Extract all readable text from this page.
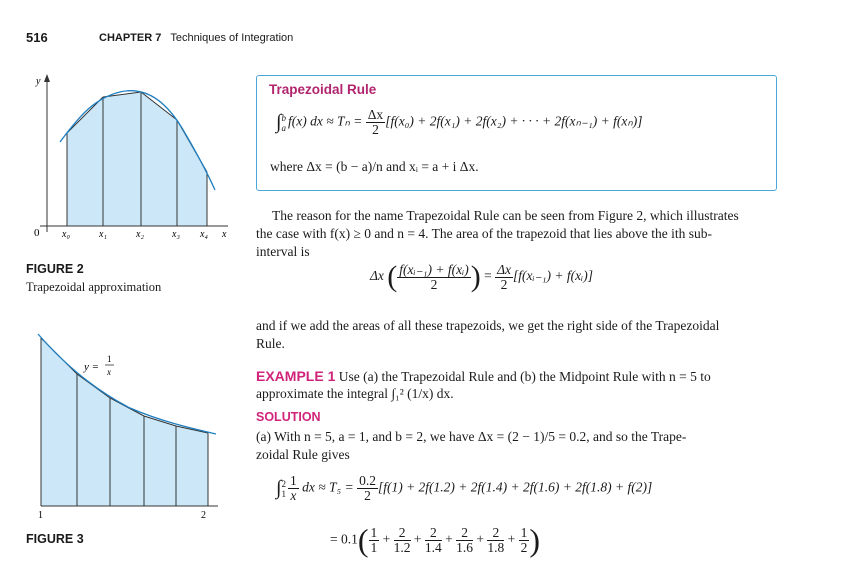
516	CHAPTER 7 Techniques of Integration
y
0 x₀	x₁	x₂	x₃ x₄ x
FIGURE 2
Trapezoidal approximation
y =
1
x
1	2
FIGURE 3
Trapezoidal Rule
∫ b
a f(x) dx ≈ $T_n = \frac{\Delta x}{2} [f(x_0) + 2f(x_1) + 2f(x_2)$ + · · · + 2f(xₙ₋₁) + f(xₙ)]
where Δx = (b − a)/n and xᵢ = a + i Δx.
The reason for the name Trapezoidal Rule can be seen from Figure 2, which illustrates
the case with f(x) ≥ 0 and n = 4. The area of the trapezoid that lies above the ith sub-
interval is
Δx ( $\frac{\text{f(xᵢ₋₁) + f(xᵢ)}}{2}$ ) = $\frac{\Delta x}{2}$ [f(xᵢ₋₁) + f(xᵢ)]
and if we add the areas of all these trapezoids, we get the right side of the Trapezoidal
Rule.
EXAMPLE 1 Use (a) the Trapezoidal Rule and (b) the Midpoint Rule with n = 5 to
approximate the integral ∫₁² (1/x) dx.
SOLUTION
(a) With n = 5, a = 1, and b = 2, we have Δx = (2 − 1)/5 = 0.2, and so the Trape-
zoidal Rule gives
∫ 2
$1 \frac{1}{x}$ dx ≈ $T_5 = \frac{0.2}{2} [f(1) + 2f(1.2) + 2f(1.4) + 2f(1.6) + 2f(1.8) + f(2)]$
= $0.1( \frac{1}{1} + \frac{2}{1.2} + \frac{2}{1.4} + \frac{2}{1.6} + \frac{2}{1.8} + \frac{1}{2}$ )
